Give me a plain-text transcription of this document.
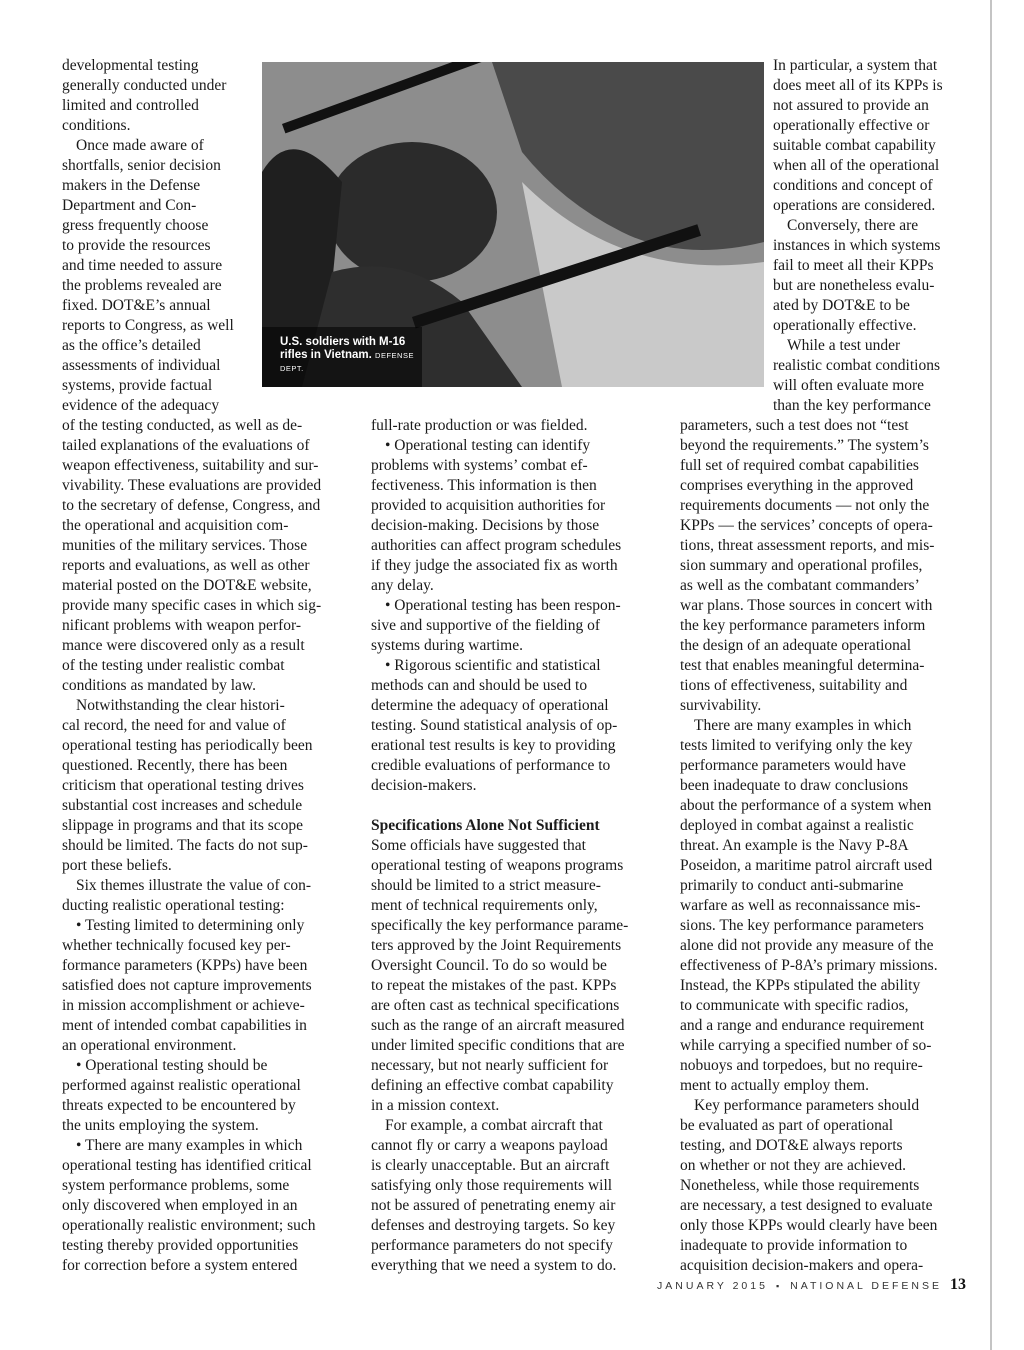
developmental testing
generally conducted under
limited and controlled
conditions.
Once made aware of
shortfalls, senior decision
makers in the Defense
Department and Con-
gress frequently choose
to provide the resources
and time needed to assure
the problems revealed are
fixed. DOT&E’s annual
reports to Congress, as well
as the office’s detailed
assessments of individual
systems, provide factual
evidence of the adequacy
of the testing conducted, as well as de-
tailed explanations of the evaluations of
weapon effectiveness, suitability and sur-
vivability. These evaluations are provided
to the secretary of defense, Congress, and
the operational and acquisition com-
munities of the military services. Those
reports and evaluations, as well as other
material posted on the DOT&E website,
provide many specific cases in which sig-
nificant problems with weapon perfor-
mance were discovered only as a result
of the testing under realistic combat
conditions as mandated by law.
Notwithstanding the clear histori-
cal record, the need for and value of
operational testing has periodically been
questioned. Recently, there has been
criticism that operational testing drives
substantial cost increases and schedule
slippage in programs and that its scope
should be limited. The facts do not sup-
port these beliefs.
Six themes illustrate the value of con-
ducting realistic operational testing:
• Testing limited to determining only
whether technically focused key per-
formance parameters (KPPs) have been
satisfied does not capture improvements
in mission accomplishment or achieve-
ment of intended combat capabilities in
an operational environment.
• Operational testing should be
performed against realistic operational
threats expected to be encountered by
the units employing the system.
• There are many examples in which
operational testing has identified critical
system performance problems, some
only discovered when employed in an
operationally realistic environment; such
testing thereby provided opportunities
for correction before a system entered
U.S. soldiers with M-16 rifles in Vietnam. DEFENSE DEPT.
full-rate production or was fielded.
• Operational testing can identify
problems with systems’ combat ef-
fectiveness. This information is then
provided to acquisition authorities for
decision-making. Decisions by those
authorities can affect program schedules
if they judge the associated fix as worth
any delay.
• Operational testing has been respon-
sive and supportive of the fielding of
systems during wartime.
• Rigorous scientific and statistical
methods can and should be used to
determine the adequacy of operational
testing. Sound statistical analysis of op-
erational test results is key to providing
credible evaluations of performance to
decision-makers.
Specifications Alone Not Sufficient
Some officials have suggested that
operational testing of weapons programs
should be limited to a strict measure-
ment of technical requirements only,
specifically the key performance parame-
ters approved by the Joint Requirements
Oversight Council. To do so would be
to repeat the mistakes of the past. KPPs
are often cast as technical specifications
such as the range of an aircraft measured
under limited specific conditions that are
necessary, but not nearly sufficient for
defining an effective combat capability
in a mission context.
For example, a combat aircraft that
cannot fly or carry a weapons payload
is clearly unacceptable. But an aircraft
satisfying only those requirements will
not be assured of penetrating enemy air
defenses and destroying targets. So key
performance parameters do not specify
everything that we need a system to do.
In particular, a system that
does meet all of its KPPs is
not assured to provide an
operationally effective or
suitable combat capability
when all of the operational
conditions and concept of
operations are considered.
Conversely, there are
instances in which systems
fail to meet all their KPPs
but are nonetheless evalu-
ated by DOT&E to be
operationally effective.
While a test under
realistic combat conditions
will often evaluate more
than the key performance
parameters, such a test does not “test
beyond the requirements.” The system’s
full set of required combat capabilities
comprises everything in the approved
requirements documents — not only the
KPPs — the services’ concepts of opera-
tions, threat assessment reports, and mis-
sion summary and operational profiles,
as well as the combatant commanders’
war plans. Those sources in concert with
the key performance parameters inform
the design of an adequate operational
test that enables meaningful determina-
tions of effectiveness, suitability and
survivability.
There are many examples in which
tests limited to verifying only the key
performance parameters would have
been inadequate to draw conclusions
about the performance of a system when
deployed in combat against a realistic
threat. An example is the Navy P-8A
Poseidon, a maritime patrol aircraft used
primarily to conduct anti-submarine
warfare as well as reconnaissance mis-
sions. The key performance parameters
alone did not provide any measure of the
effectiveness of P-8A’s primary missions.
Instead, the KPPs stipulated the ability
to communicate with specific radios,
and a range and endurance requirement
while carrying a specified number of so-
nobuoys and torpedoes, but no require-
ment to actually employ them.
Key performance parameters should
be evaluated as part of operational
testing, and DOT&E always reports
on whether or not they are achieved.
Nonetheless, while those requirements
are necessary, a test designed to evaluate
only those KPPs would clearly have been
inadequate to provide information to
acquisition decision-makers and opera-
JANUARY 2015 ▪ NATIONAL DEFENSE 13
